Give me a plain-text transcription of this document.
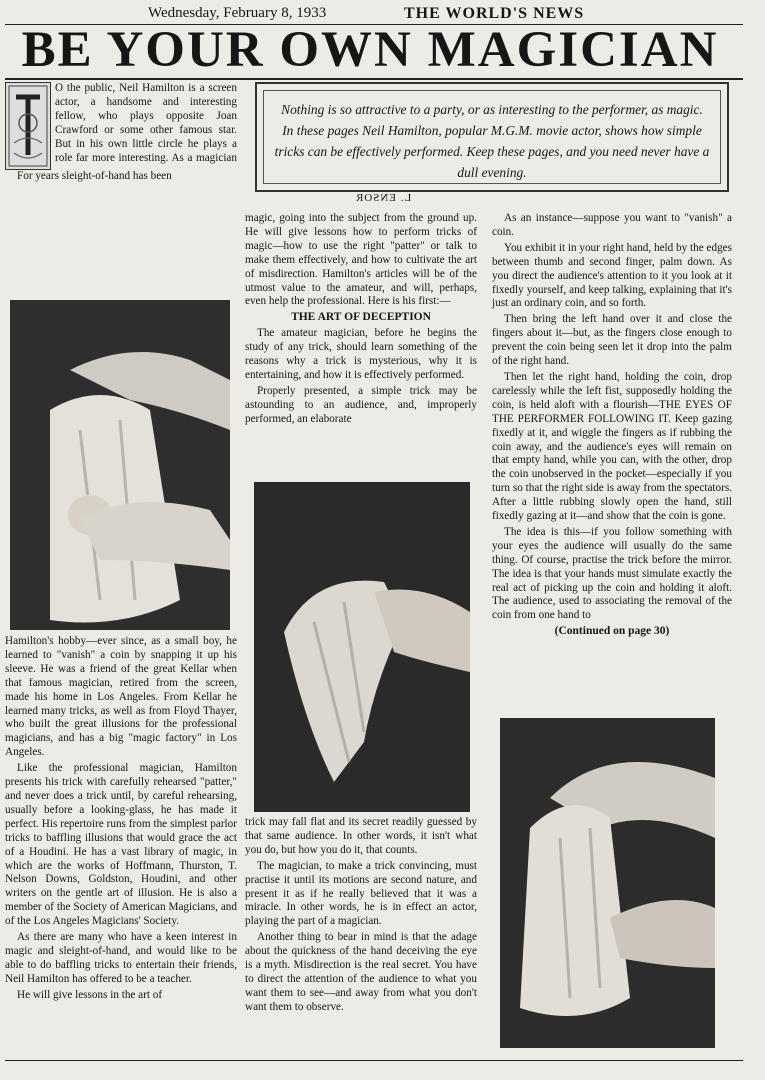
Wednesday, February 8, 1933	THE WORLD'S NEWS
BE YOUR OWN MAGICIAN

O the public, Neil Hamilton is a screen actor, a handsome and interesting fellow, who plays opposite Joan Crawford or some other famous star. But in his own little circle he plays a role far more interesting. As a magician

For years sleight-of-hand has been

Nothing is so attractive to a party, or as interesting to the performer, as magic. In these pages Neil Hamilton, popular M.G.M. movie actor, shows how simple tricks can be effectively performed. Keep these pages, and you need never have a dull evening.
L. ENSOR

Hamilton's hobby—ever since, as a small boy, he learned to "vanish" a coin by snapping it up his sleeve. He was a friend of the great Kellar when that famous magician, retired from the screen, made his home in Los Angeles. From Kellar he learned many tricks, as well as from Floyd Thayer, who built the great illusions for the professional magicians, and has a big "magic factory" in Los Angeles.

Like the professional magician, Hamilton presents his trick with carefully rehearsed "patter," and never does a trick until, by careful rehearsing, usually before a looking-glass, he has made it perfect. His repertoire runs from the simplest parlor tricks to baffling illusions that would grace the act of a Houdini. He has a vast library of magic, in which are the works of Hoffmann, Thurston, T. Nelson Downs, Goldston, Houdini, and other writers on the gentle art of illusion. He is also a member of the Society of American Magicians, and of the Los Angeles Magicians' Society.

As there are many who have a keen interest in magic and sleight-of-hand, and would like to be able to do baffling tricks to entertain their friends, Neil Hamilton has offered to be a teacher.

He will give lessons in the art of

magic, going into the subject from the ground up. He will give lessons how to perform tricks of magic—how to use the right "patter" or talk to make them effectively, and how to cultivate the art of misdirection. Hamilton's articles will be of the utmost value to the amateur, and will, perhaps, even help the professional. Here is his first:—

THE ART OF DECEPTION

The amateur magician, before he begins the study of any trick, should learn something of the reasons why a trick is mysterious, why it is entertaining, and how it is effectively performed.

Properly presented, a simple trick may be astounding to an audience, and, improperly performed, an elaborate

trick may fall flat and its secret readily guessed by that same audience. In other words, it isn't what you do, but how you do it, that counts.

The magician, to make a trick convincing, must practise it until its motions are second nature, and present it as if he really believed that it was a miracle. In other words, he is in effect an actor, playing the part of a magician.

Another thing to bear in mind is that the adage about the quickness of the hand deceiving the eye is a myth. Misdirection is the real secret. You have to direct the attention of the audience to what you want them to see—and away from what you don't want them to observe.

As an instance—suppose you want to "vanish" a coin.

You exhibit it in your right hand, held by the edges between thumb and second finger, palm down. As you direct the audience's attention to it you look at it fixedly yourself, and keep talking, explaining that it's just an ordinary coin, and so forth.

Then bring the left hand over it and close the fingers about it—but, as the fingers close enough to prevent the coin being seen let it drop into the palm of the right hand.

Then let the right hand, holding the coin, drop carelessly while the left fist, supposedly holding the coin, is held aloft with a flourish—THE EYES OF THE PERFORMER FOLLOWING IT. Keep gazing fixedly at it, and wiggle the fingers as if rubbing the coin away, and the audience's eyes will remain on that empty hand, while you can, with the other, drop the coin unobserved in the pocket—especially if you turn so that the right side is away from the spectators. After a little rubbing slowly open the hand, still fixedly gazing at it—and show that the coin is gone.

The idea is this—if you follow something with your eyes the audience will usually do the same thing. Of course, practise the trick before the mirror. The idea is that your hands must simulate exactly the real act of picking up the coin and holding it aloft. The audience, used to associating the removal of the coin from one hand to

(Continued on page 30)
